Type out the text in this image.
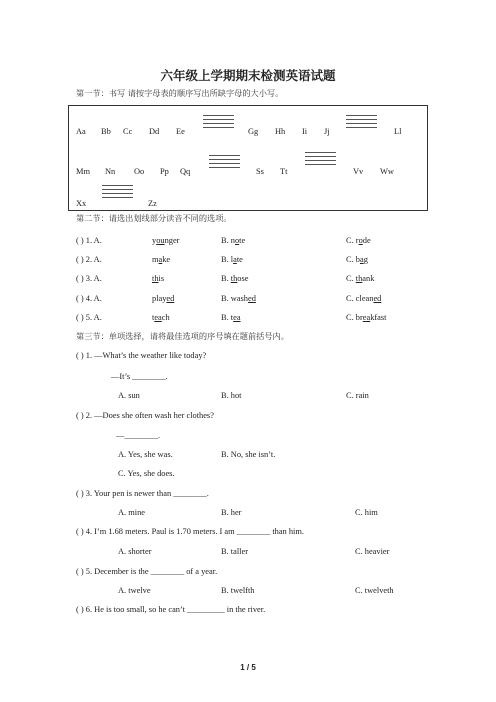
六年级上学期期末检测英语试题
第一节：书写 请按字母表的顺序写出所缺字母的大小写。
Aa Bb Cc Dd Ee	Gg Hh Ii Jj	Ll
Mm Nn Oo Pp Qq	Ss Tt	Vv Ww
Xx	Zz
第二节：请选出划线部分读音不同的选项。
( ) 1. A.	younger	B. note	C. rode
( ) 2. A.	make	B. late	C. bag
( ) 3. A.	this	B. those	C. thank
( ) 4. A.	played	B. washed	C. cleaned
( ) 5. A.	teach	B. tea	C. breakfast
第三节：单项选择，请将最佳选项的序号填在题前括号内。
( ) 1. —What’s the weather like today?
—It’s ________.
A. sun	B. hot	C. rain
( ) 2. —Does she often wash her clothes?
—________.
A. Yes, she was.	B. No, she isn’t.
C. Yes, she does.
( ) 3. Your pen is newer than ________.
A. mine	B. her	C. him
( ) 4. I’m 1.68 meters. Paul is 1.70 meters. I am ________ than him.
A. shorter	B. taller	C. heavier
( ) 5. December is the ________ of a year.
A. twelve	B. twelfth	C. twelveth
( ) 6. He is too small, so he can’t _________ in the river.
1 / 5
